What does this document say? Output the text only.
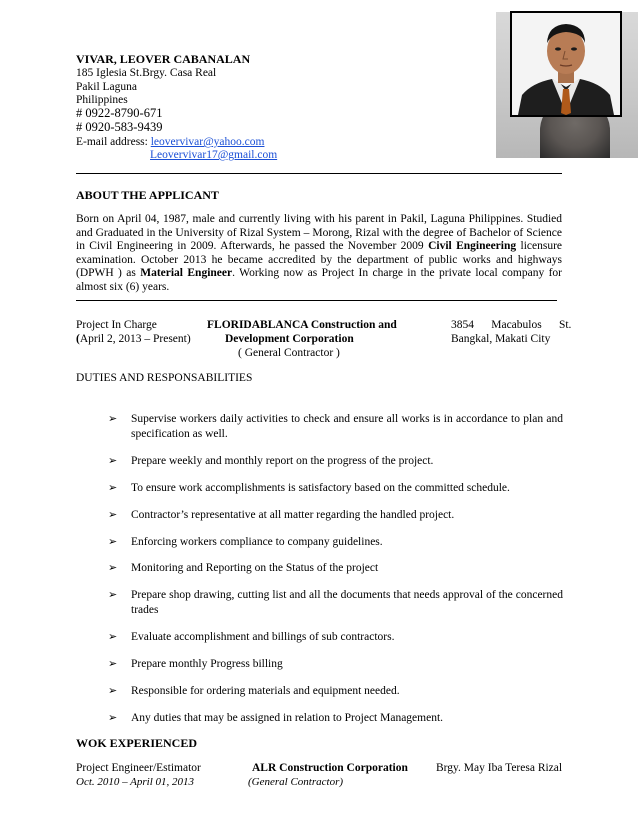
VIVAR, LEOVER CABANALAN
185 Iglesia St.Brgy. Casa Real
Pakil Laguna
Philippines
# 0922-8790-671
# 0920-583-9439
E-mail address: leovervivar@yahoo.com
Leovervivar17@gmail.com
ABOUT THE APPLICANT
Born on April 04, 1987, male and currently living with his parent in Pakil, Laguna Philippines. Studied and Graduated in the University of Rizal System – Morong, Rizal with the degree of Bachelor of Science in Civil Engineering in 2009. Afterwards, he passed the November 2009 Civil Engineering licensure examination. October 2013 he became accredited by the department of public works and highways (DPWH ) as Material Engineer. Working now as Project In charge in the private local company for almost six (6) years.
Project In Charge
(April 2, 2013 – Present)
FLORIDABLANCA Construction and
Development Corporation
( General Contractor )
3854      Macabulos      St.
Bangkal, Makati City
DUTIES AND RESPONSABILITIES
➢ Supervise workers daily activities to check and ensure all works is in accordance to plan and specification as well.
➢ Prepare weekly and monthly report on the progress of the project.
➢ To ensure work accomplishments is satisfactory based on the committed schedule.
➢ Contractor’s representative at all matter regarding the handled project.
➢ Enforcing workers compliance to company guidelines.
➢ Monitoring and Reporting on the Status of the project
➢ Prepare shop drawing, cutting list and all the documents that needs approval of the concerned trades
➢ Evaluate accomplishment and billings of sub contractors.
➢ Prepare monthly Progress billing
➢ Responsible for ordering materials and equipment needed.
➢ Any duties that may be assigned in relation to Project Management.
WOK EXPERIENCED
Project Engineer/Estimator	ALR Construction Corporation Brgy. May Iba Teresa Rizal
Oct. 2010 – April 01, 2013	(General Contractor)
